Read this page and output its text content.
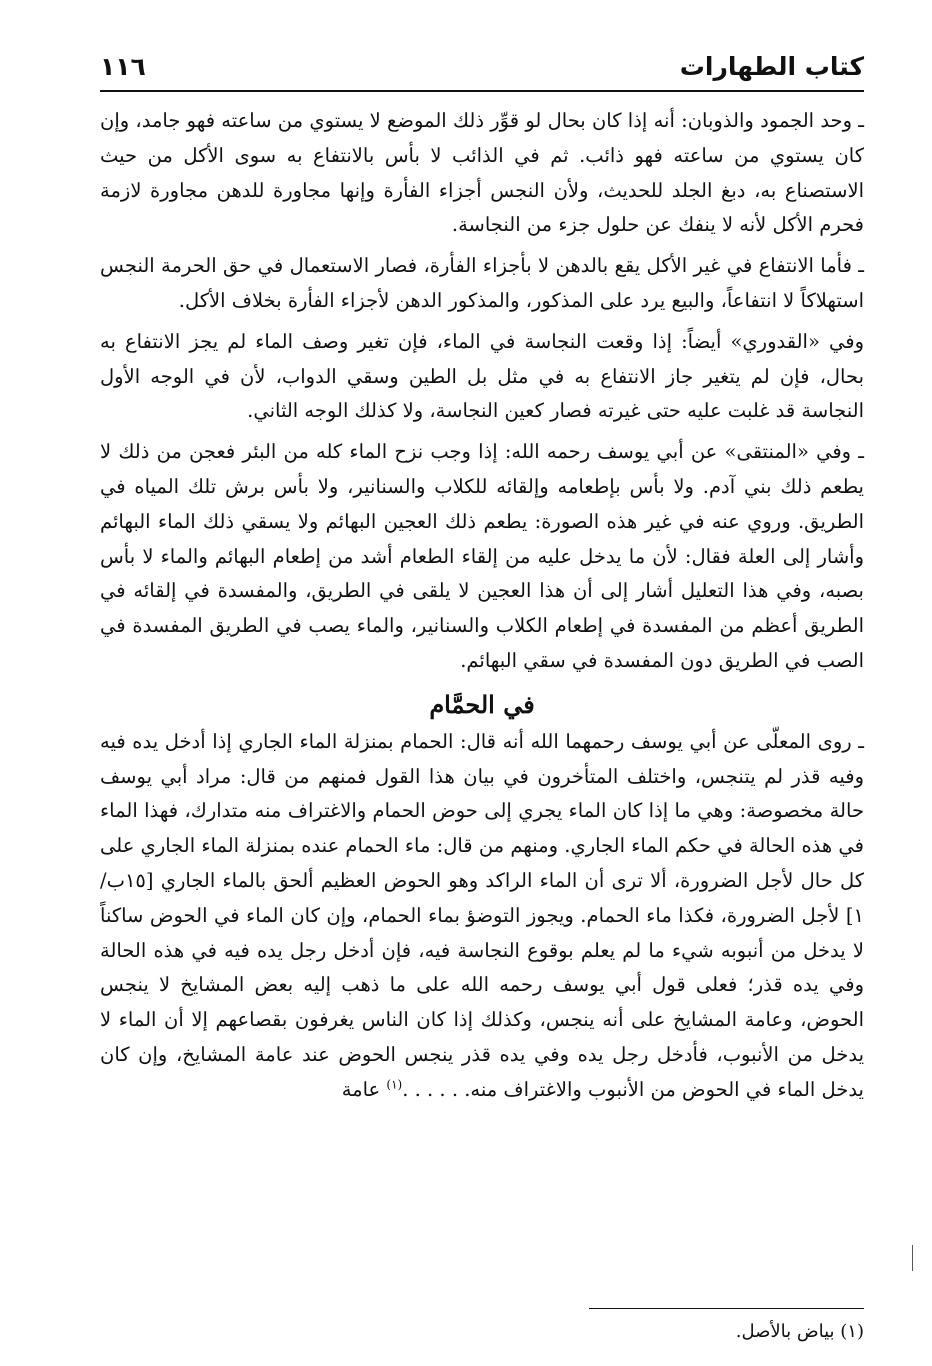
كتاب الطهارات
١١٦

ـ وحد الجمود والذوبان: أنه إذا كان بحال لو قوِّر ذلك الموضع لا يستوي من ساعته فهو جامد، وإن كان يستوي من ساعته فهو ذائب. ثم في الذائب لا بأس بالانتفاع به سوى الأكل من حيث الاستصناع به، دبغ الجلد للحديث، ولأن النجس أجزاء الفأرة وإنها مجاورة للدهن مجاورة لازمة فحرم الأكل لأنه لا ينفك عن حلول جزء من النجاسة.

ـ فأما الانتفاع في غير الأكل يقع بالدهن لا بأجزاء الفأرة، فصار الاستعمال في حق الحرمة النجس استهلاكاً لا انتفاعاً، والبيع يرد على المذكور، والمذكور الدهن لأجزاء الفأرة بخلاف الأكل.

وفي «القدوري» أيضاً: إذا وقعت النجاسة في الماء، فإن تغير وصف الماء لم يجز الانتفاع به بحال، فإن لم يتغير جاز الانتفاع به في مثل بل الطين وسقي الدواب، لأن في الوجه الأول النجاسة قد غلبت عليه حتى غيرته فصار كعين النجاسة، ولا كذلك الوجه الثاني.

ـ وفي «المنتقى» عن أبي يوسف رحمه الله: إذا وجب نزح الماء كله من البئر فعجن من ذلك لا يطعم ذلك بني آدم. ولا بأس بإطعامه وإلقائه للكلاب والسنانير، ولا بأس برش تلك المياه في الطريق. وروي عنه في غير هذه الصورة: يطعم ذلك العجين البهائم ولا يسقي ذلك الماء البهائم وأشار إلى العلة فقال: لأن ما يدخل عليه من إلقاء الطعام أشد من إطعام البهائم والماء لا بأس بصبه، وفي هذا التعليل أشار إلى أن هذا العجين لا يلقى في الطريق، والمفسدة في إلقائه في الطريق أعظم من المفسدة في إطعام الكلاب والسنانير، والماء يصب في الطريق المفسدة في الصب في الطريق دون المفسدة في سقي البهائم.

في الحمَّام

ـ روى المعلّى عن أبي يوسف رحمهما الله أنه قال: الحمام بمنزلة الماء الجاري إذا أدخل يده فيه وفيه قذر لم يتنجس، واختلف المتأخرون في بيان هذا القول فمنهم من قال: مراد أبي يوسف حالة مخصوصة: وهي ما إذا كان الماء يجري إلى حوض الحمام والاغتراف منه متدارك، فهذا الماء في هذه الحالة في حكم الماء الجاري. ومنهم من قال: ماء الحمام عنده بمنزلة الماء الجاري على كل حال لأجل الضرورة، ألا ترى أن الماء الراكد وهو الحوض العظيم ألحق بالماء الجاري [١٥ب/١] لأجل الضرورة، فكذا ماء الحمام. ويجوز التوضؤ بماء الحمام، وإن كان الماء في الحوض ساكناً لا يدخل من أنبوبه شيء ما لم يعلم بوقوع النجاسة فيه، فإن أدخل رجل يده فيه في هذه الحالة وفي يده قذر؛ فعلى قول أبي يوسف رحمه الله على ما ذهب إليه بعض المشايخ لا ينجس الحوض، وعامة المشايخ على أنه ينجس، وكذلك إذا كان الناس يغرفون بقصاعهم إلا أن الماء لا يدخل من الأنبوب، فأدخل رجل يده وفي يده قذر ينجس الحوض عند عامة المشايخ، وإن كان يدخل الماء في الحوض من الأنبوب والاغتراف منه. . . . . .$^{(١)}$ عامة

(١) بياض بالأصل.
